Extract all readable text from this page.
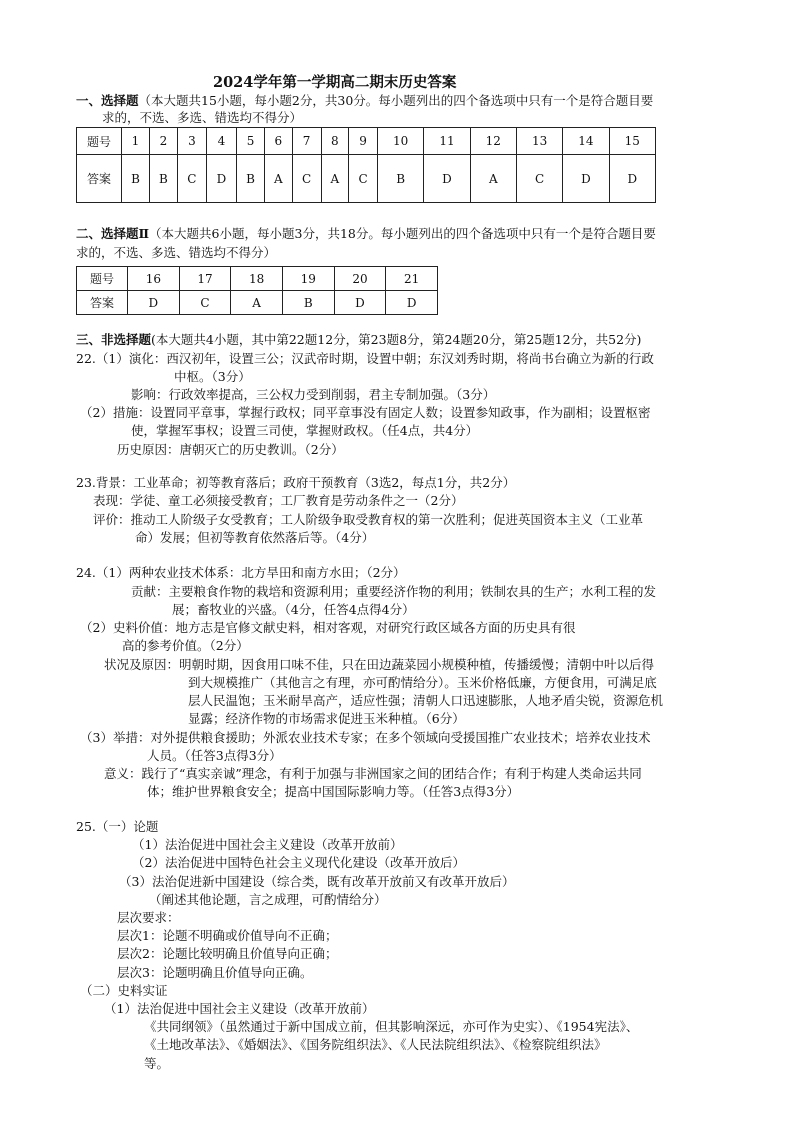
2024学年第一学期高二期末历史答案
一、选择题（本大题共15小题，每小题2分，共30分。每小题列出的四个备选项中只有一个是符合题目要
求的，不选、多选、错选均不得分）
题号	1	2	3	4	5	6	7	8	9	10	11	12	13	14	15
答案	B	B	C	D	B	A	C	A	C	B	D	A	C	D	D
二、选择题Ⅱ（本大题共6小题，每小题3分，共18分。每小题列出的四个备选项中只有一个是符合题目要
求的，不选、多选、错选均不得分）
题号	16	17	18	19	20	21
答案	D	C	A	B	D	D
三、非选择题(本大题共4小题，其中第22题12分，第23题8分，第24题20分，第25题12分，共52分)
22.（1）演化：西汉初年，设置三公；汉武帝时期，设置中朝；东汉刘秀时期，将尚书台确立为新的行政
中枢。（3分）
影响：行政效率提高，三公权力受到削弱，君主专制加强。（3分）
（2）措施：设置同平章事，掌握行政权；同平章事没有固定人数；设置参知政事，作为副相；设置枢密
使，掌握军事权；设置三司使，掌握财政权。（任4点，共4分）
历史原因：唐朝灭亡的历史教训。（2分）
23.背景：工业革命；初等教育落后；政府干预教育（3选2，每点1分，共2分）
表现：学徒、童工必须接受教育；工厂教育是劳动条件之一（2分）
评价：推动工人阶级子女受教育；工人阶级争取受教育权的第一次胜利；促进英国资本主义（工业革
命）发展；但初等教育依然落后等。（4分）
24.（1）两种农业技术体系：北方旱田和南方水田；（2分）
贡献：主要粮食作物的栽培和资源利用；重要经济作物的利用；铁制农具的生产；水利工程的发
展；畜牧业的兴盛。（4分，任答4点得4分）
（2）史料价值：地方志是官修文献史料，相对客观，对研究行政区域各方面的历史具有很
高的参考价值。（2分）
状况及原因：明朝时期，因食用口味不佳，只在田边蔬菜园小规模种植，传播缓慢；清朝中叶以后得
到大规模推广（其他言之有理，亦可酌情给分）。玉米价格低廉，方便食用，可满足底
层人民温饱；玉米耐旱高产，适应性强；清朝人口迅速膨胀，人地矛盾尖锐，资源危机
显露；经济作物的市场需求促进玉米种植。（6分）
（3）举措：对外提供粮食援助；外派农业技术专家；在多个领域向受援国推广农业技术；培养农业技术
人员。（任答3点得3分）
意义：践行了“真实亲诚”理念，有利于加强与非洲国家之间的团结合作；有利于构建人类命运共同
体；维护世界粮食安全；提高中国国际影响力等。（任答3点得3分）
25.（一）论题
（1）法治促进中国社会主义建设（改革开放前）
（2）法治促进中国特色社会主义现代化建设（改革开放后）
（3）法治促进新中国建设（综合类，既有改革开放前又有改革开放后）
（阐述其他论题，言之成理，可酌情给分）
层次要求：
层次1：论题不明确或价值导向不正确；
层次2：论题比较明确且价值导向正确；
层次3：论题明确且价值导向正确。
（二）史料实证
（1）法治促进中国社会主义建设（改革开放前）
《共同纲领》（虽然通过于新中国成立前，但其影响深远，亦可作为史实）、《1954宪法》、
《土地改革法》、《婚姻法》、《国务院组织法》、《人民法院组织法》、《检察院组织法》
等。
